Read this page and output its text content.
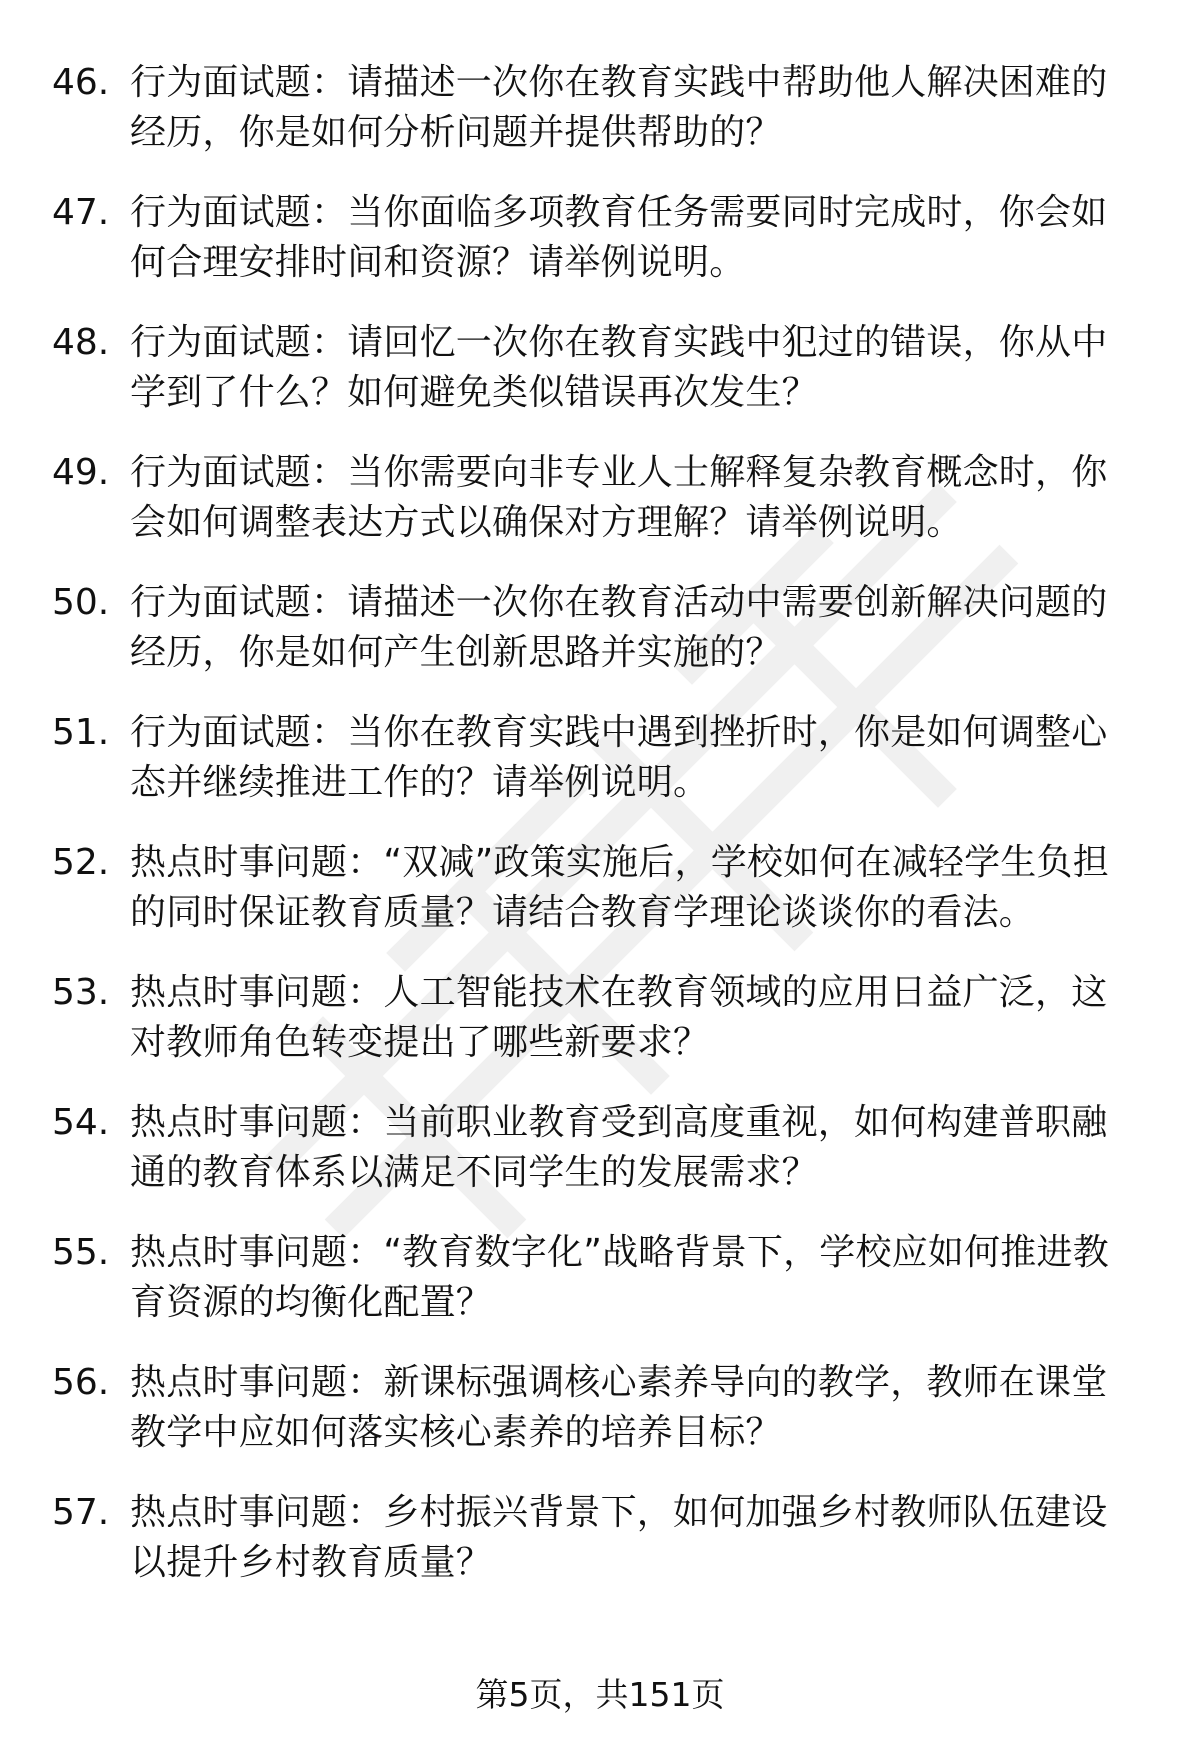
46. 行为面试题：请描述一次你在教育实践中帮助他人解决困难的经历，你是如何分析问题并提供帮助的？
47. 行为面试题：当你面临多项教育任务需要同时完成时，你会如何合理安排时间和资源？请举例说明。
48. 行为面试题：请回忆一次你在教育实践中犯过的错误，你从中学到了什么？如何避免类似错误再次发生？
49. 行为面试题：当你需要向非专业人士解释复杂教育概念时，你会如何调整表达方式以确保对方理解？请举例说明。
50. 行为面试题：请描述一次你在教育活动中需要创新解决问题的经历，你是如何产生创新思路并实施的？
51. 行为面试题：当你在教育实践中遇到挫折时，你是如何调整心态并继续推进工作的？请举例说明。
52. 热点时事问题：“双减”政策实施后，学校如何在减轻学生负担的同时保证教育质量？请结合教育学理论谈谈你的看法。
53. 热点时事问题：人工智能技术在教育领域的应用日益广泛，这对教师角色转变提出了哪些新要求？
54. 热点时事问题：当前职业教育受到高度重视，如何构建普职融通的教育体系以满足不同学生的发展需求？
55. 热点时事问题：“教育数字化”战略背景下，学校应如何推进教育资源的均衡化配置？
56. 热点时事问题：新课标强调核心素养导向的教学，教师在课堂教学中应如何落实核心素养的培养目标？
57. 热点时事问题：乡村振兴背景下，如何加强乡村教师队伍建设以提升乡村教育质量？
第5页，共151页
